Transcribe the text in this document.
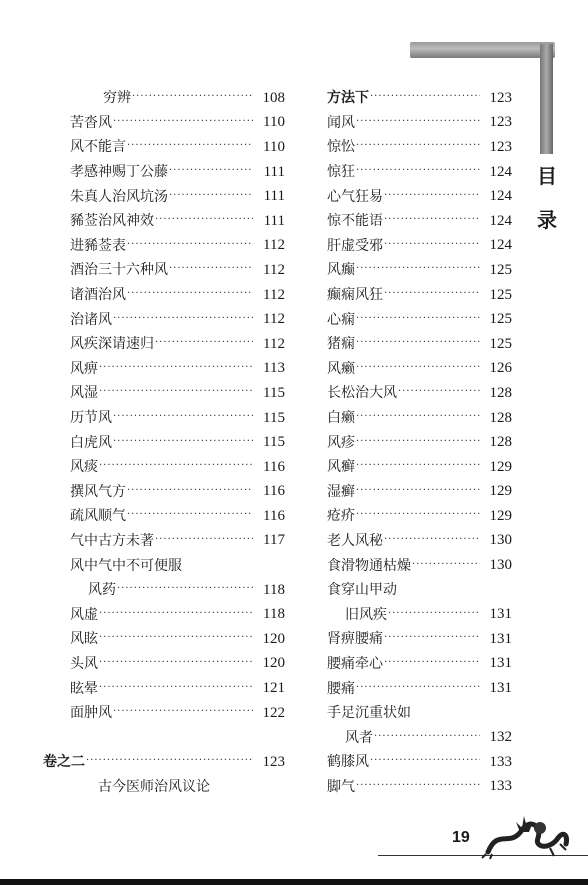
目
录
穷辨 ·····	108
苦沓风 ·····	110
风不能言 ·····	110
孝感神赐丁公藤 ·····	111
朱真人治风坑汤 ·····	111
豨莶治风神效 ·····	111
进豨莶表 ·····	112
酒治三十六种风 ·····	112
诸酒治风 ·····	112
治诸风 ·····	112
风疾深请速归 ·····	112
风痹 ·····	113
风湿 ·····	115
历节风 ·····	115
白虎风 ·····	115
风痰 ·····	116
撰风气方 ·····	116
疏风顺气 ·····	116
气中古方未著 ·····	117
风中气中不可便服
风药 ·····	118
风虚 ·····	118
风眩 ·····	120
头风 ·····	120
眩晕 ·····	121
面肿风 ·····	122
卷之二 ·····	123
古今医师治风议论
方法下 ·····	123
闻风 ·····	123
惊忪 ·····	123
惊狂 ·····	124
心气狂易 ·····	124
惊不能语 ·····	124
肝虚受邪 ·····	124
风癫 ·····	125
癫痫风狂 ·····	125
心痫 ·····	125
猪痫 ·····	125
风癞 ·····	126
长松治大风 ·····	128
白癞 ·····	128
风疹 ·····	128
风癣 ·····	129
湿癣 ·····	129
疮疥 ·····	129
老人风秘 ·····	130
食滑物通枯燥 ·····	130
食穿山甲动
旧风疾 ·····	131
肾痹腰痛 ·····	131
腰痛牵心 ·····	131
腰痛 ·····	131
手足沉重状如
风者 ·····	132
鹤膝风 ·····	133
脚气 ·····	133
19
